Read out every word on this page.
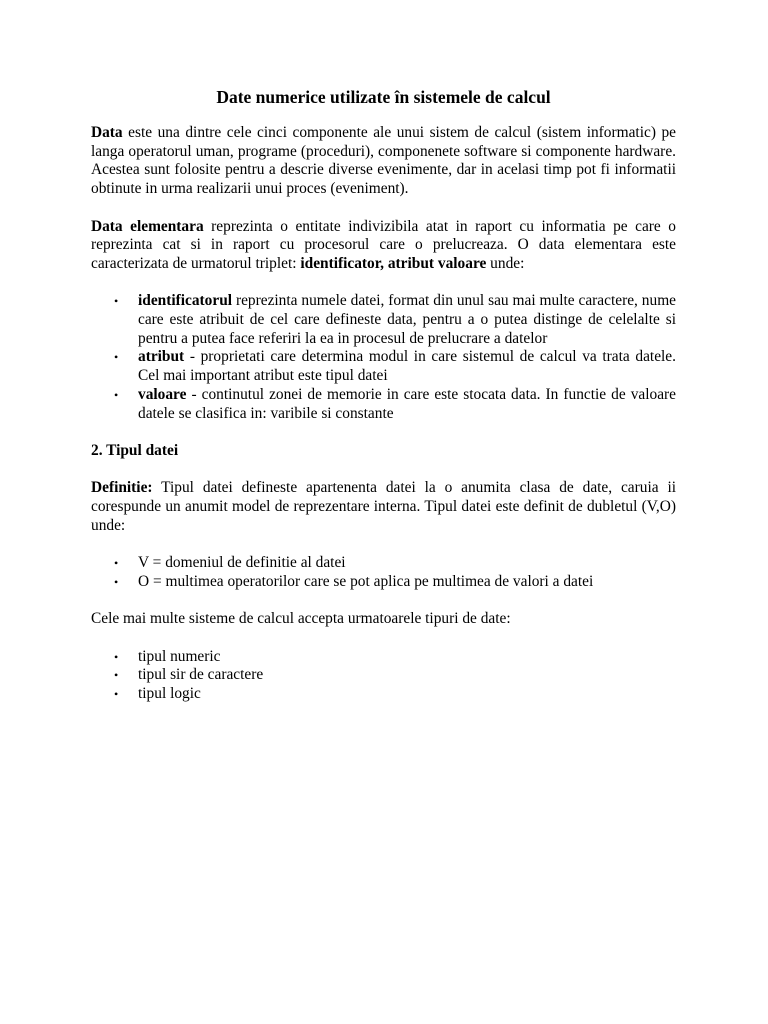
Date numerice utilizate în sistemele de calcul

Data este una dintre cele cinci componente ale unui sistem de calcul (sistem informatic) pe langa operatorul uman, programe (proceduri), componenete software si componente hardware. Acestea sunt folosite pentru a descrie diverse evenimente, dar in acelasi timp pot fi informatii obtinute in urma realizarii unui proces (eveniment).

Data elementara reprezinta o entitate indivizibila atat in raport cu informatia pe care o reprezinta cat si in raport cu procesorul care o prelucreaza. O data elementara este caracterizata de urmatorul triplet: identificator, atribut valoare unde:

• identificatorul reprezinta numele datei, format din unul sau mai multe caractere, nume care este atribuit de cel care defineste data, pentru a o putea distinge de celelalte si pentru a putea face referiri la ea in procesul de prelucrare a datelor
• atribut - proprietati care determina modul in care sistemul de calcul va trata datele. Cel mai important atribut este tipul datei
• valoare - continutul zonei de memorie in care este stocata data. In functie de valoare datele se clasifica in: varibile si constante

2. Tipul datei

Definitie: Tipul datei defineste apartenenta datei la o anumita clasa de date, caruia ii corespunde un anumit model de reprezentare interna. Tipul datei este definit de dubletul (V,O) unde:

• V = domeniul de definitie al datei
• O = multimea operatorilor care se pot aplica pe multimea de valori a datei

Cele mai multe sisteme de calcul accepta urmatoarele tipuri de date:

• tipul numeric
• tipul sir de caractere
• tipul logic
